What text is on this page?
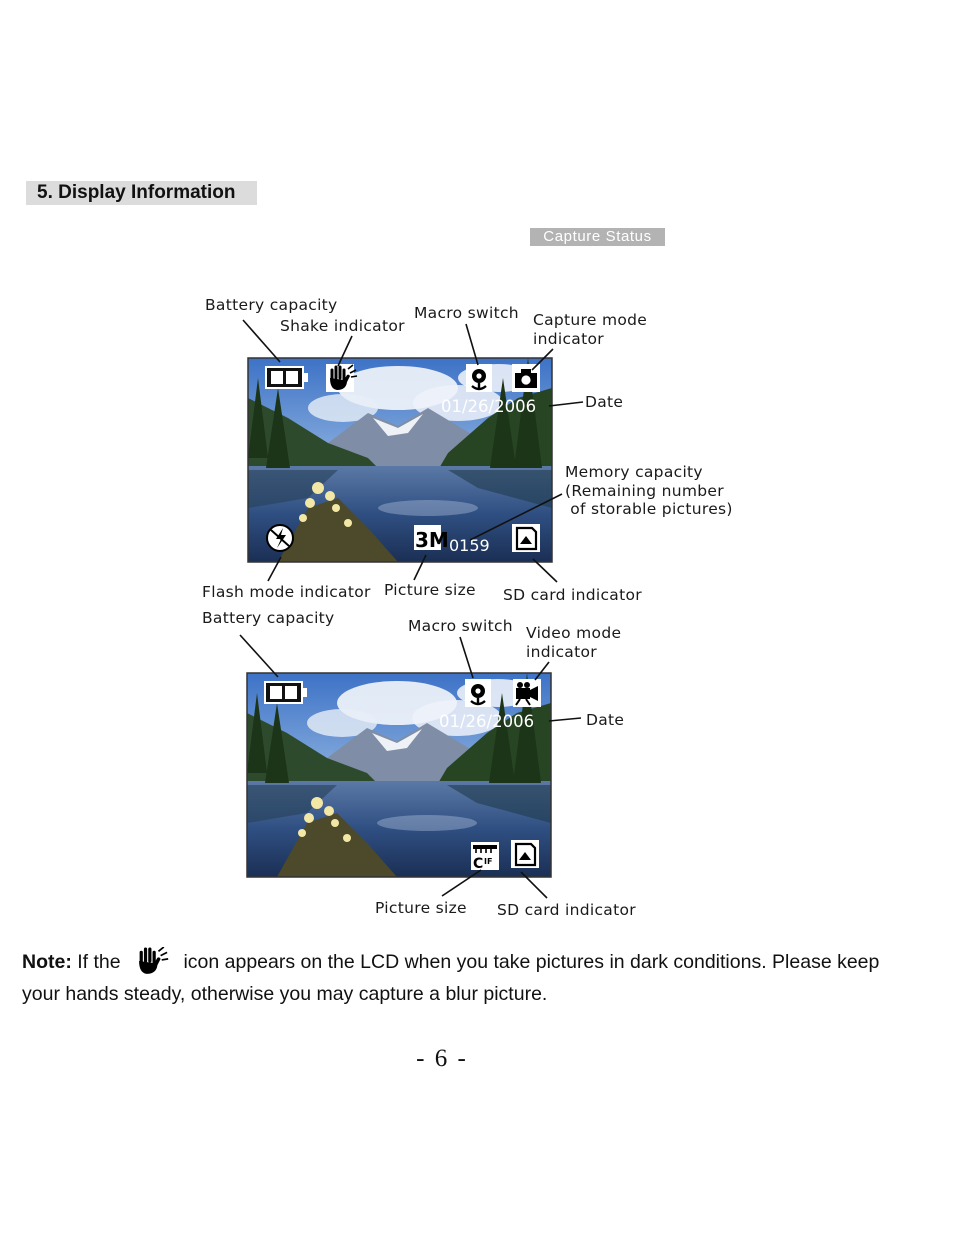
5. Display Information
Capture Status
01/26/2006
3M 0159
01/26/2006
C IF
Battery capacity
Shake indicator
Macro switch Capture mode
indicator
Date
Memory capacity
(Remaining number
of storable pictures)
Flash mode indicator Picture size SD card indicator
Battery capacity	Macro switch Video mode
indicator
Date
Picture size SD card indicator
Note: If the	icon appears on the LCD when you take pictures in dark conditions. Please keep your hands steady, otherwise you may capture a blur picture.
- 6 -
